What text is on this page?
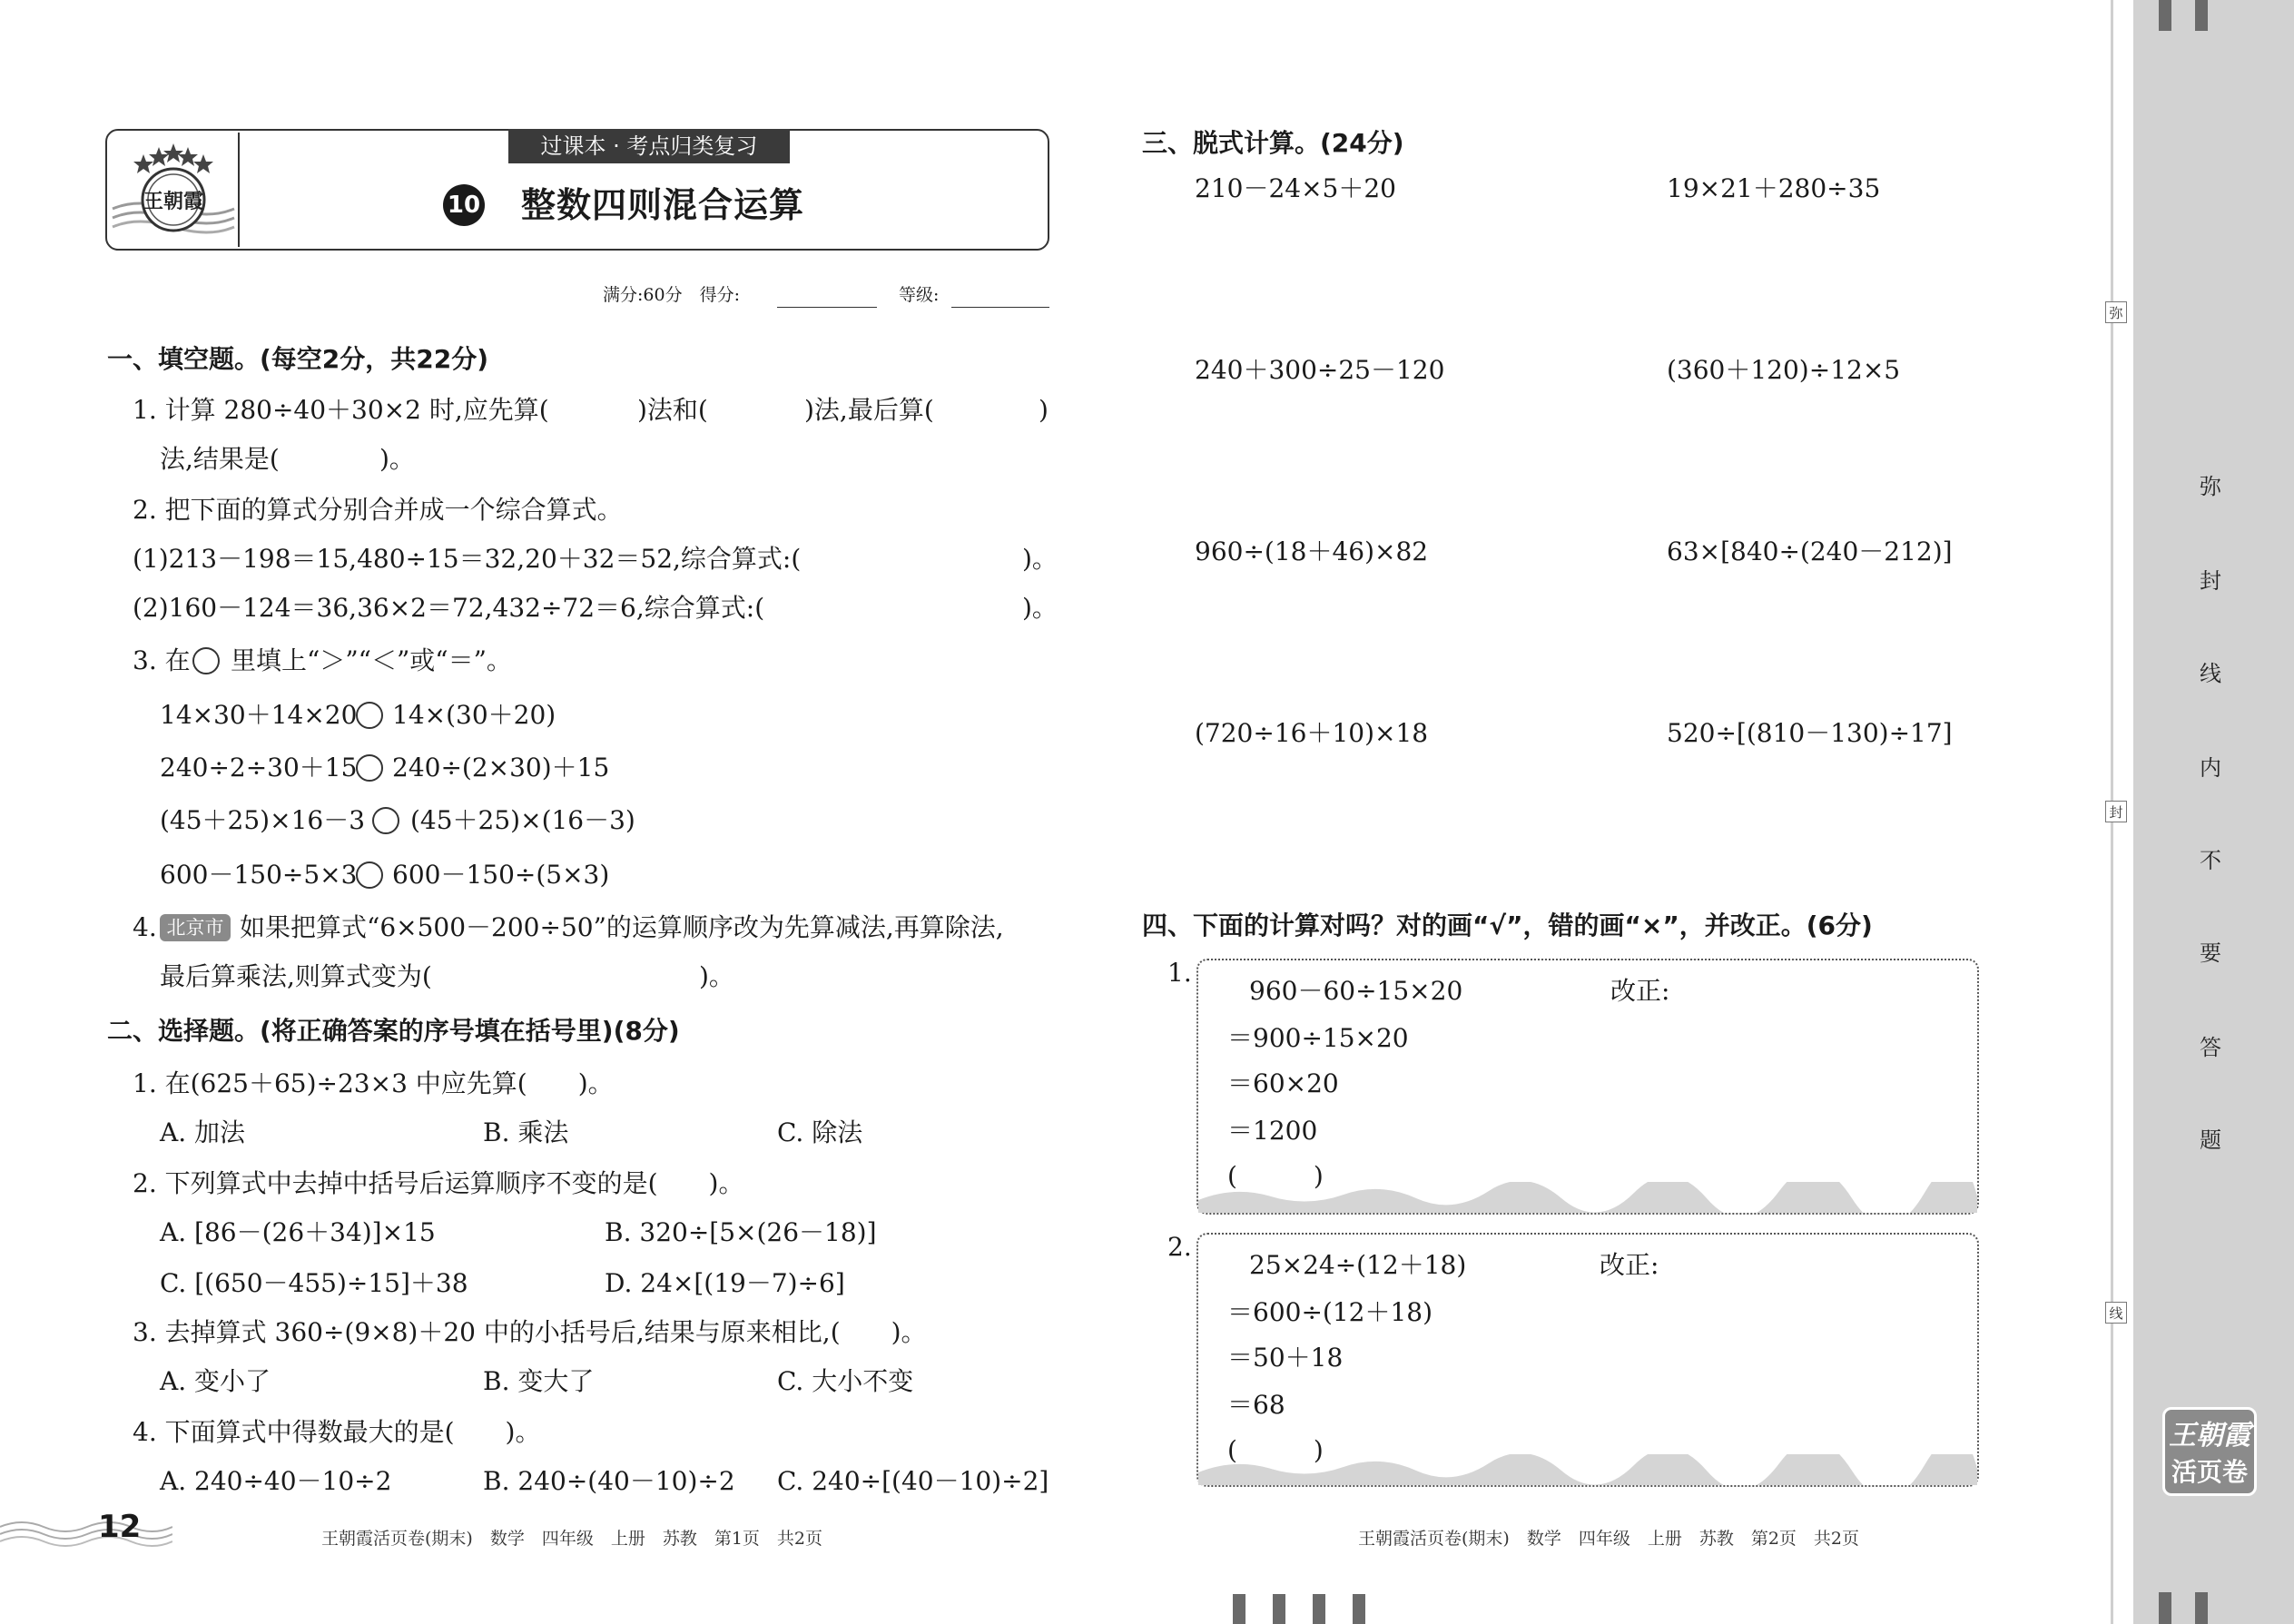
王朝霞
过课本 · 考点归类复习
10 整数四则混合运算
满分:60分　得分:	等级:
一、填空题。(每空2分，共22分)
1. 计算 280÷40＋30×2 时,应先算(	)法和(	)法,最后算(	)
法,结果是(	)。
2. 把下面的算式分别合并成一个综合算式。
(1)213－198＝15,480÷15＝32,20＋32＝52,综合算式:(	)。
(2)160－124＝36,36×2＝72,432÷72＝6,综合算式:(	)。
3. 在 里填上“＞”“＜”或“＝”。
14×30＋14×20 14×(30＋20)
240÷2÷30＋15 240÷(2×30)＋15
(45＋25)×16－3 (45＋25)×(16－3)
600－150÷5×3 600－150÷(5×3)
4. 北京市 如果把算式“6×500－200÷50”的运算顺序改为先算减法,再算除法,
最后算乘法,则算式变为(	)。
二、选择题。(将正确答案的序号填在括号里)(8分)
1. 在(625＋65)÷23×3 中应先算(　　)。
A. 加法	B. 乘法	C. 除法
2. 下列算式中去掉中括号后运算顺序不变的是(　　)。
A. [86－(26＋34)]×15	B. 320÷[5×(26－18)]
C. [(650－455)÷15]＋38	D. 24×[(19－7)÷6]
3. 去掉算式 360÷(9×8)＋20 中的小括号后,结果与原来相比,(　　)。
A. 变小了	B. 变大了	C. 大小不变
4. 下面算式中得数最大的是(　　)。
A. 240÷40－10÷2	B. 240÷(40－10)÷2 C. 240÷[(40－10)÷2]
12	王朝霞活页卷(期末)　数学　四年级　上册　苏教　第1页　共2页
三、脱式计算。(24分)
210－24×5＋20	19×21＋280÷35
240＋300÷25－120	(360＋120)÷12×5
960÷(18＋46)×82	63×[840÷(240－212)]
(720÷16＋10)×18	520÷[(810－130)÷17]
四、下面的计算对吗？对的画“√”，错的画“×”，并改正。(6分)
1.
960－60÷15×20
＝900÷15×20
＝60×20
＝1200
(　　　)
改正:
2.
25×24÷(12＋18)
＝600÷(12＋18)
＝50＋18
＝68
(　　　)
改正:
王朝霞活页卷(期末)　数学　四年级　上册　苏教　第2页　共2页
弥
封
线
弥
封
线
内
不
要
答
题
王朝霞
活页卷
